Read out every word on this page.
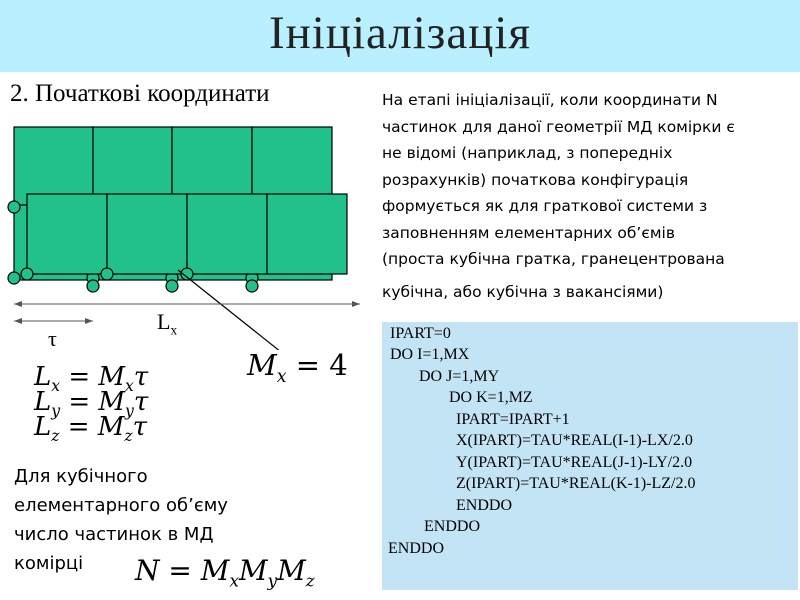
Ініціалізація
2. Початкові координати
$L_x$
τ
$M_x = 4$
$L_x = M_x\tau$
$L_y = M_y\tau$
$L_z = M_z\tau$
Для кубічного
елементарного об’єму
число частинок в МД
комірці	$N = M_xM_yM_z$
На етапі ініціалізації, коли координати N
частинок для даної геометрії МД комірки є
не відомі (наприклад, з попередніх
розрахунків) початкова конфігурація
формується як для граткової системи з
заповненням елементарних об’ємів
(проста кубічна гратка, гранецентрована
кубічна, або кубічна з вакансіями)
IPART=0
DO I=1,MX
DO J=1,MY
DO K=1,MZ
IPART=IPART+1
X(IPART)=TAU*REAL(I-1)-LX/2.0
Y(IPART)=TAU*REAL(J-1)-LY/2.0
Z(IPART)=TAU*REAL(K-1)-LZ/2.0
ENDDO
ENDDO
ENDDO
